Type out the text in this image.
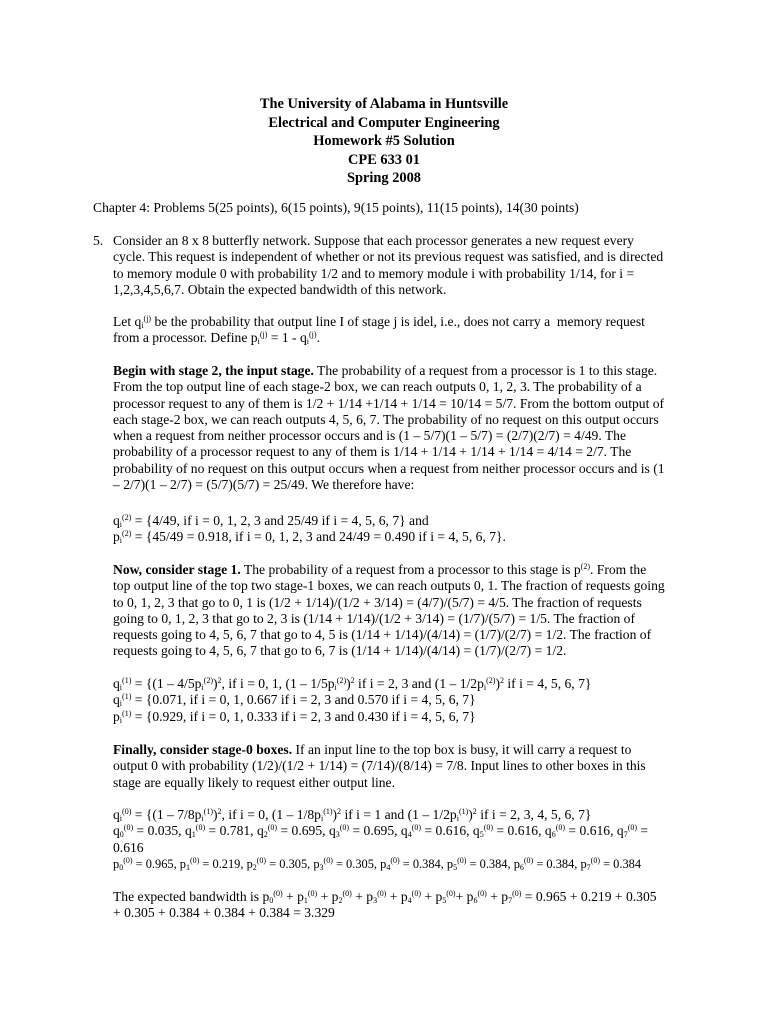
The University of Alabama in Huntsville
Electrical and Computer Engineering
Homework #5 Solution
CPE 633 01
Spring 2008
Chapter 4: Problems 5(25 points), 6(15 points), 9(15 points), 11(15 points), 14(30 points)
5. Consider an 8 x 8 butterfly network. Suppose that each processor generates a new request every
cycle. This request is independent of whether or not its previous request was satisfied, and is directed
to memory module 0 with probability 1/2 and to memory module i with probability 1/14, for i =
1,2,3,4,5,6,7. Obtain the expected bandwidth of this network.
Let $q_i^{(j)}$ be the probability that output line I of stage j is idel, i.e., does not carry a  memory request
from a processor. Define $p_i^{(j)} = 1 - q_i^{(j)}$.
Begin with stage 2, the input stage. The probability of a request from a processor is 1 to this stage.
From the top output line of each stage-2 box, we can reach outputs 0, 1, 2, 3. The probability of a
processor request to any of them is 1/2 + 1/14 +1/14 + 1/14 = 10/14 = 5/7. From the bottom output of
each stage-2 box, we can reach outputs 4, 5, 6, 7. The probability of no request on this output occurs
when a request from neither processor occurs and is (1 – 5/7)(1 – 5/7) = (2/7)(2/7) = 4/49. The
probability of a processor request to any of them is 1/14 + 1/14 + 1/14 + 1/14 = 4/14 = 2/7. The
probability of no request on this output occurs when a request from neither processor occurs and is (1
– 2/7)(1 – 2/7) = (5/7)(5/7) = 25/49. We therefore have:
$q_i^{(2)} = \{4/49$, if i = 0, 1, 2, 3 and 25/49 if i = 4, 5, 6, 7} and
$p_i^{(2)} = \{45/49 = 0.918$, if i = 0, 1, 2, 3 and 24/49 = 0.490 if i = 4, 5, 6, 7}.
Now, consider stage 1. The probability of a request from a processor to this stage is $p^{(2)}$. From the
top output line of the top two stage-1 boxes, we can reach outputs 0, 1. The fraction of requests going
to 0, 1, 2, 3 that go to 0, 1 is (1/2 + 1/14)/(1/2 + 3/14) = (4/7)/(5/7) = 4/5. The fraction of requests
going to 0, 1, 2, 3 that go to 2, 3 is (1/14 + 1/14)/(1/2 + 3/14) = (1/7)/(5/7) = 1/5. The fraction of
requests going to 4, 5, 6, 7 that go to 4, 5 is (1/14 + 1/14)/(4/14) = (1/7)/(2/7) = 1/2. The fraction of
requests going to 4, 5, 6, 7 that go to 6, 7 is (1/14 + 1/14)/(4/14) = (1/7)/(2/7) = 1/2.
$q_i^{(1)} = \{(1 - 4/5p_i^{(2)})^2$, if i = 0, 1, $(1 - 1/5p_i^{(2)})^2$ if i = 2, 3 and $(1 - 1/2p_i^{(2)})^2$ if i = 4, 5, 6, 7}
$q_i^{(1)} = \{0.071$, if i = 0, 1, 0.667 if i = 2, 3 and 0.570 if i = 4, 5, 6, 7}
$p_i^{(1)} = \{0.929$, if i = 0, 1, 0.333 if i = 2, 3 and 0.430 if i = 4, 5, 6, 7}
Finally, consider stage-0 boxes. If an input line to the top box is busy, it will carry a request to
output 0 with probability (1/2)/(1/2 + 1/14) = (7/14)/(8/14) = 7/8. Input lines to other boxes in this
stage are equally likely to request either output line.
$q_i^{(0)} = \{(1 - 7/8p_i^{(1)})^2$, if i = 0, $(1 - 1/8p_i^{(1)})^2$ if i = 1 and $(1 - 1/2p_i^{(1)})^2$ if i = 2, 3, 4, 5, 6, 7}
$q_0^{(0)} = 0.035$, $q_1^{(0)} = 0.781$, $q_2^{(0)} = 0.695$, $q_3^{(0)} = 0.695$, $q_4^{(0)} = 0.616$, $q_5^{(0)} = 0.616$, $q_6^{(0)} = 0.616$, $q_7^{(0)}$ =
0.616
$p_0^{(0)} = 0.965$, $p_1^{(0)} = 0.219$, $p_2^{(0)} = 0.305$, $p_3^{(0)} = 0.305$, $p_4^{(0)} = 0.384$, $p_5^{(0)} = 0.384$, $p_6^{(0)} = 0.384$, $p_7^{(0)} = 0.384$
The expected bandwidth is $p_0^{(0)} + p_1^{(0)} + p_2^{(0)} + p_3^{(0)} + p_4^{(0)} + p_5^{(0)}+ p_6^{(0)} + p_7^{(0)} = 0.965 + 0.219 + 0.305$
+ 0.305 + 0.384 + 0.384 + 0.384 = 3.329
